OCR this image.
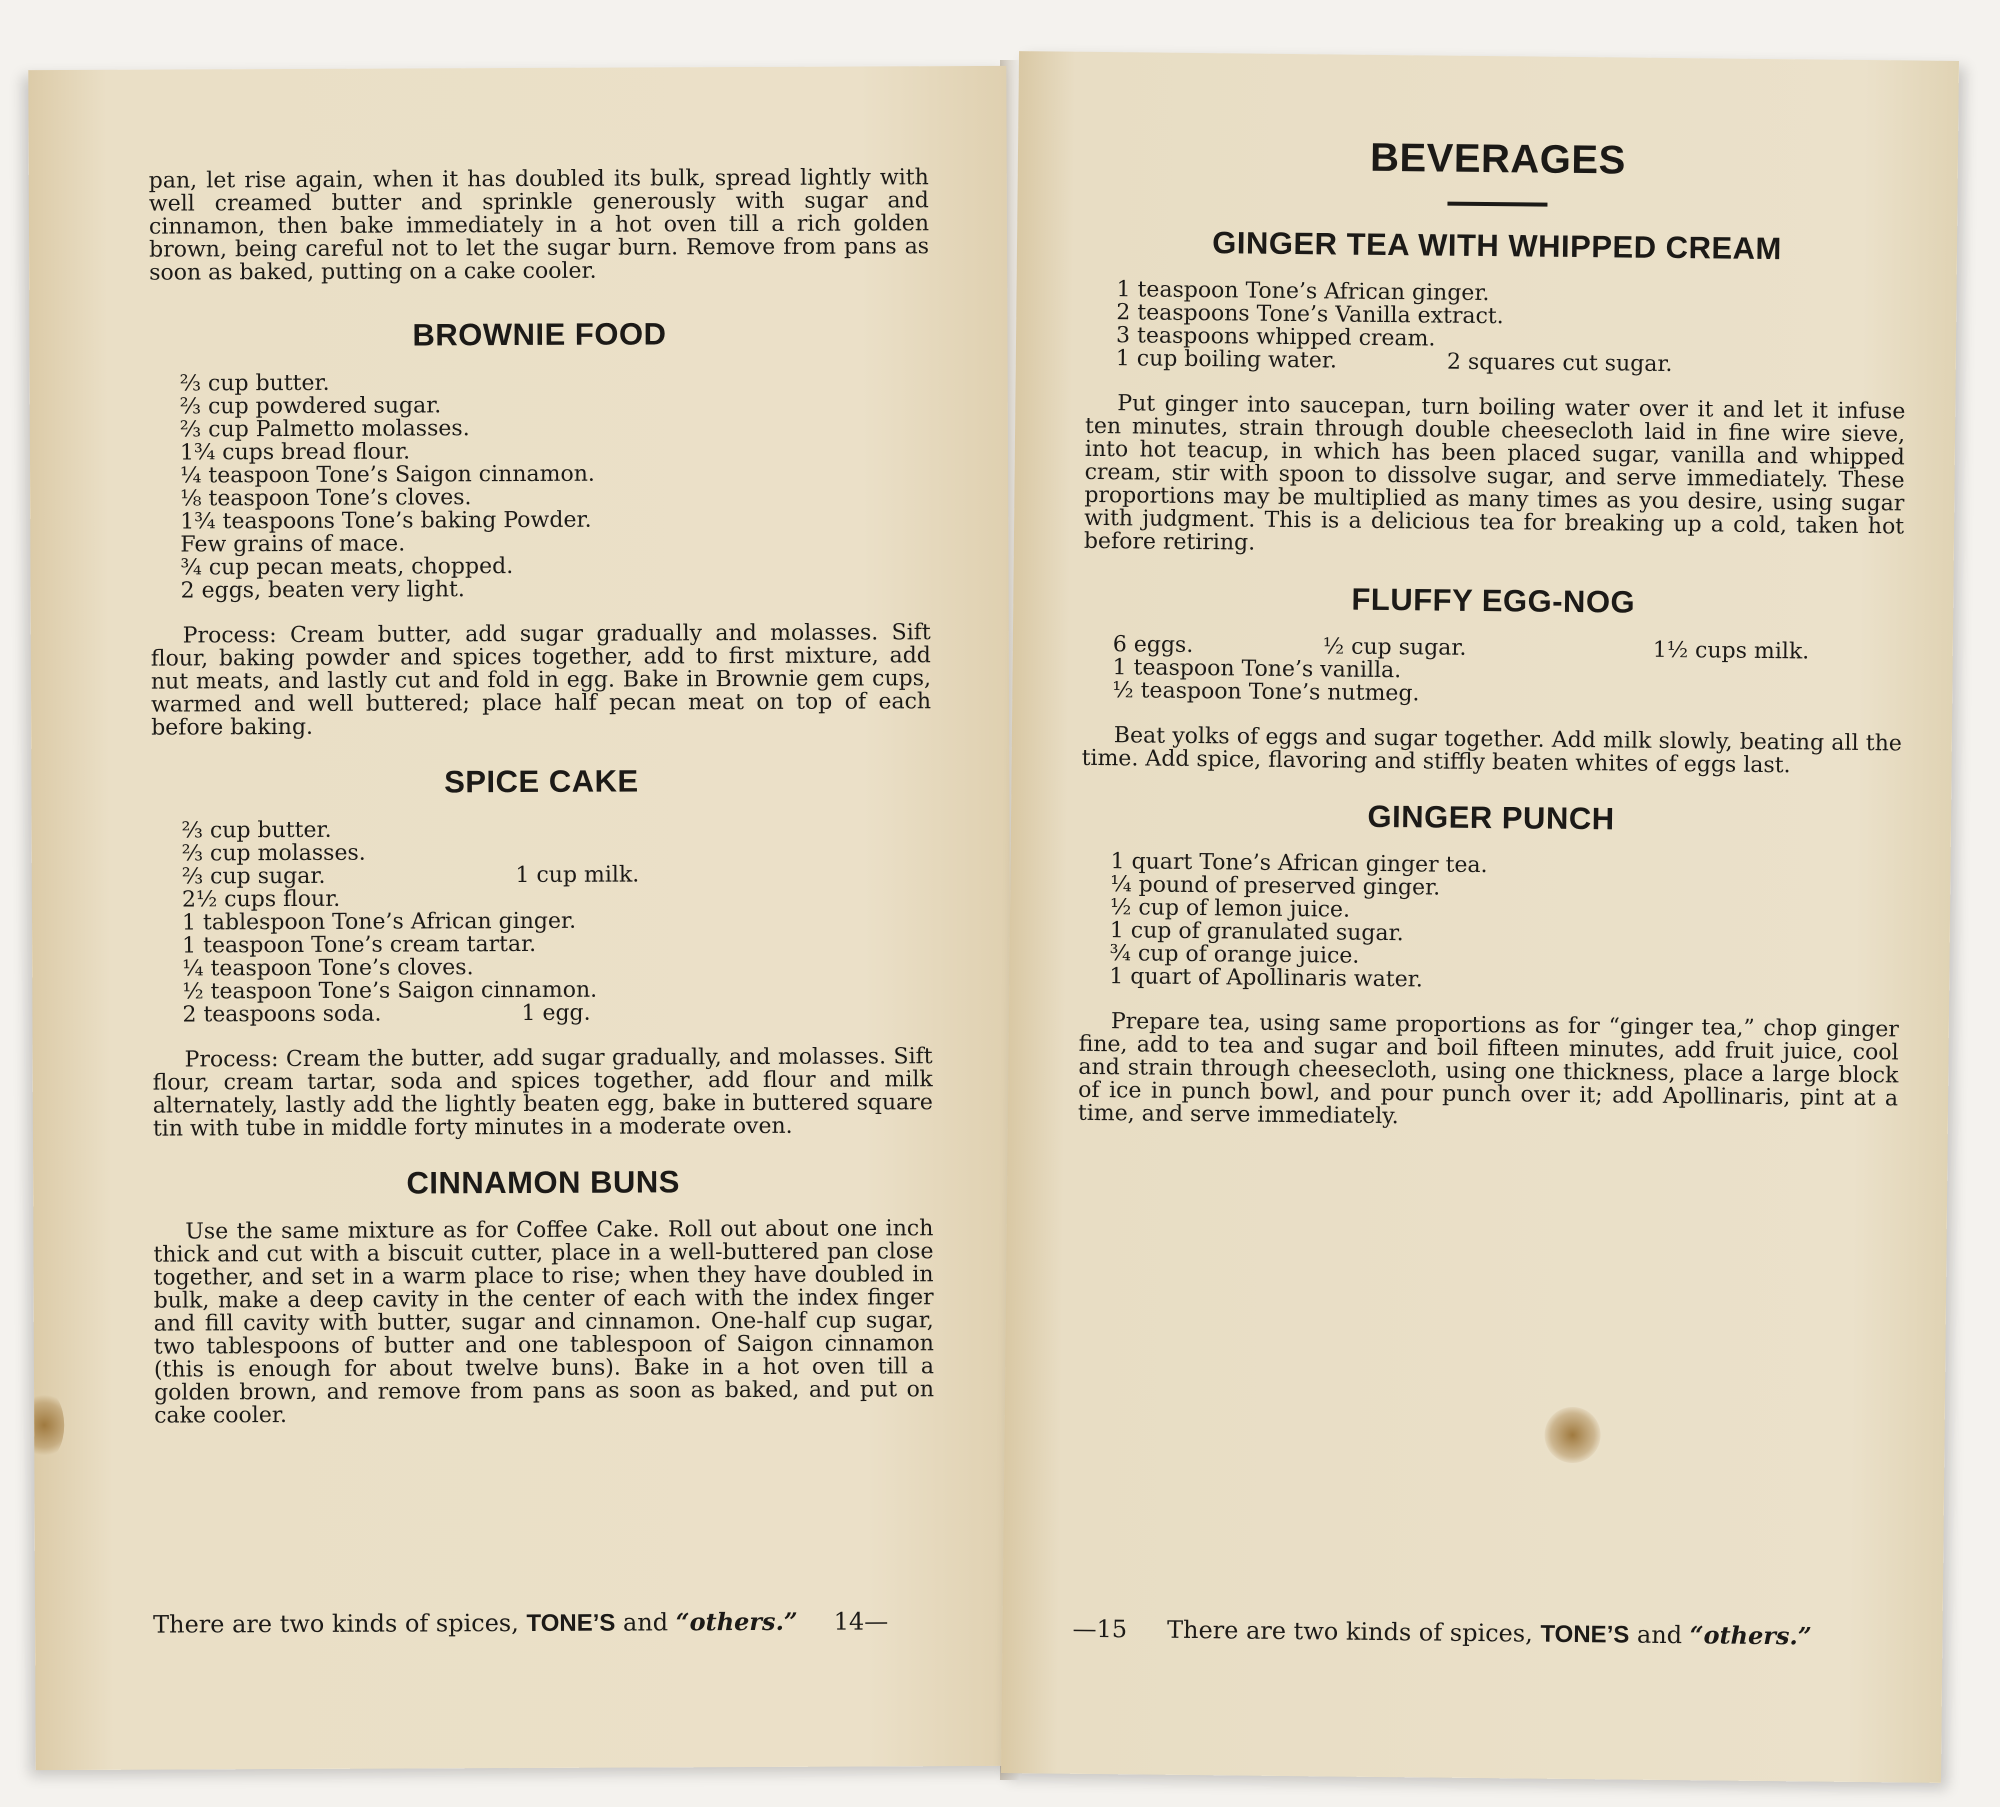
pan, let rise again, when it has doubled its bulk, spread lightly with well creamed butter and sprinkle generously with sugar and cinnamon, then bake immediately in a hot oven till a rich golden brown, being careful not to let the sugar burn. Remove from pans as soon as baked, putting on a cake cooler.

BROWNIE FOOD
⅔ cup butter.
⅔ cup powdered sugar.
⅔ cup Palmetto molasses.
1¾ cups bread flour.
¼ teaspoon Tone’s Saigon cinnamon.
⅛ teaspoon Tone’s cloves.
1¾ teaspoons Tone’s baking Powder.
Few grains of mace.
¾ cup pecan meats, chopped.
2 eggs, beaten very light.

Process: Cream butter, add sugar gradually and molasses. Sift flour, baking powder and spices together, add to first mixture, add nut meats, and lastly cut and fold in egg. Bake in Brownie gem cups, warmed and well buttered; place half pecan meat on top of each before baking.

SPICE CAKE
⅔ cup butter.
⅔ cup molasses.
⅔ cup sugar.	1 cup milk.
2½ cups flour.
1 tablespoon Tone’s African ginger.
1 teaspoon Tone’s cream tartar.
¼ teaspoon Tone’s cloves.
½ teaspoon Tone’s Saigon cinnamon.
2 teaspoons soda.	1 egg.

Process: Cream the butter, add sugar gradually, and molasses. Sift flour, cream tartar, soda and spices together, add flour and milk alternately, lastly add the lightly beaten egg, bake in buttered square tin with tube in middle forty minutes in a moderate oven.

CINNAMON BUNS

Use the same mixture as for Coffee Cake. Roll out about one inch thick and cut with a biscuit cutter, place in a well-buttered pan close together, and set in a warm place to rise; when they have doubled in bulk, make a deep cavity in the center of each with the index finger and fill cavity with butter, sugar and cinnamon. One-half cup sugar, two tablespoons of butter and one tablespoon of Saigon cinnamon (this is enough for about twelve buns). Bake in a hot oven till a golden brown, and remove from pans as soon as baked, and put on cake cooler.

There are two kinds of spices, TONE’S and “others.” 14—
BEVERAGES
GINGER TEA WITH WHIPPED CREAM
1 teaspoon Tone’s African ginger.
2 teaspoons Tone’s Vanilla extract.
3 teaspoons whipped cream.
1 cup boiling water.	2 squares cut sugar.

Put ginger into saucepan, turn boiling water over it and let it infuse ten minutes, strain through double cheesecloth laid in fine wire sieve, into hot teacup, in which has been placed sugar, vanilla and whipped cream, stir with spoon to dissolve sugar, and serve immediately. These proportions may be multiplied as many times as you desire, using sugar with judgment. This is a delicious tea for breaking up a cold, taken hot before retiring.

FLUFFY EGG-NOG
6 eggs.	½ cup sugar.	1½ cups milk.
1 teaspoon Tone’s vanilla.
½ teaspoon Tone’s nutmeg.

Beat yolks of eggs and sugar together. Add milk slowly, beating all the time. Add spice, flavoring and stiffly beaten whites of eggs last.

GINGER PUNCH
1 quart Tone’s African ginger tea.
¼ pound of preserved ginger.
½ cup of lemon juice.
1 cup of granulated sugar.
¾ cup of orange juice.
1 quart of Apollinaris water.

Prepare tea, using same proportions as for “ginger tea,” chop ginger fine, add to tea and sugar and boil fifteen minutes, add fruit juice, cool and strain through cheesecloth, using one thickness, place a large block of ice in punch bowl, and pour punch over it; add Apollinaris, pint at a time, and serve immediately.

—15 There are two kinds of spices, TONE’S and “others.”
